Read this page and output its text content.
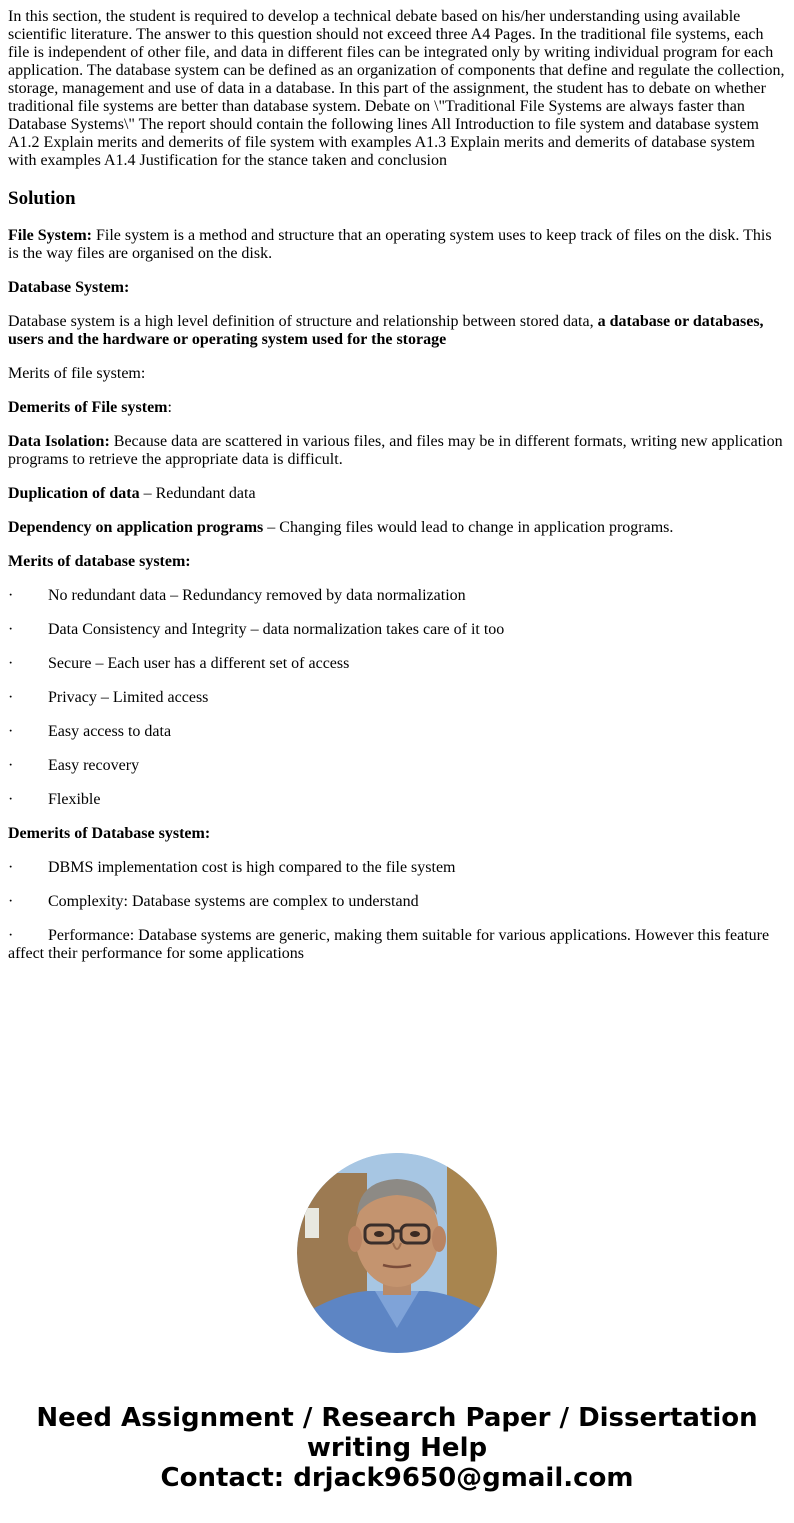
In this section, the student is required to develop a technical debate based on his/her understanding using available scientific literature. The answer to this question should not exceed three A4 Pages. In the traditional file systems, each file is independent of other file, and data in different files can be integrated only by writing individual program for each application. The database system can be defined as an organization of components that define and regulate the collection, storage, management and use of data in a database. In this part of the assignment, the student has to debate on whether traditional file systems are better than database system. Debate on \"Traditional File Systems are always faster than Database Systems\" The report should contain the following lines All Introduction to file system and database system A1.2 Explain merits and demerits of file system with examples A1.3 Explain merits and demerits of database system with examples A1.4 Justification for the stance taken and conclusion

Solution

File System: File system is a method and structure that an operating system uses to keep track of files on the disk. This is the way files are organised on the disk.

Database System:

Database system is a high level definition of structure and relationship between stored data, a database or databases, users and the hardware or operating system used for the storage

Merits of file system:

Demerits of File system:

Data Isolation: Because data are scattered in various files, and files may be in different formats, writing new application programs to retrieve the appropriate data is difficult.

Duplication of data – Redundant data

Dependency on application programs – Changing files would lead to change in application programs.

Merits of database system:

· No redundant data – Redundancy removed by data normalization

· Data Consistency and Integrity – data normalization takes care of it too

· Secure – Each user has a different set of access

· Privacy – Limited access

· Easy access to data

· Easy recovery

· Flexible

Demerits of Database system:

· DBMS implementation cost is high compared to the file system

· Complexity: Database systems are complex to understand

· Performance: Database systems are generic, making them suitable for various applications. However this feature affect their performance for some applications

Need Assignment / Research Paper / Dissertation writing Help
Contact: drjack9650@gmail.com
